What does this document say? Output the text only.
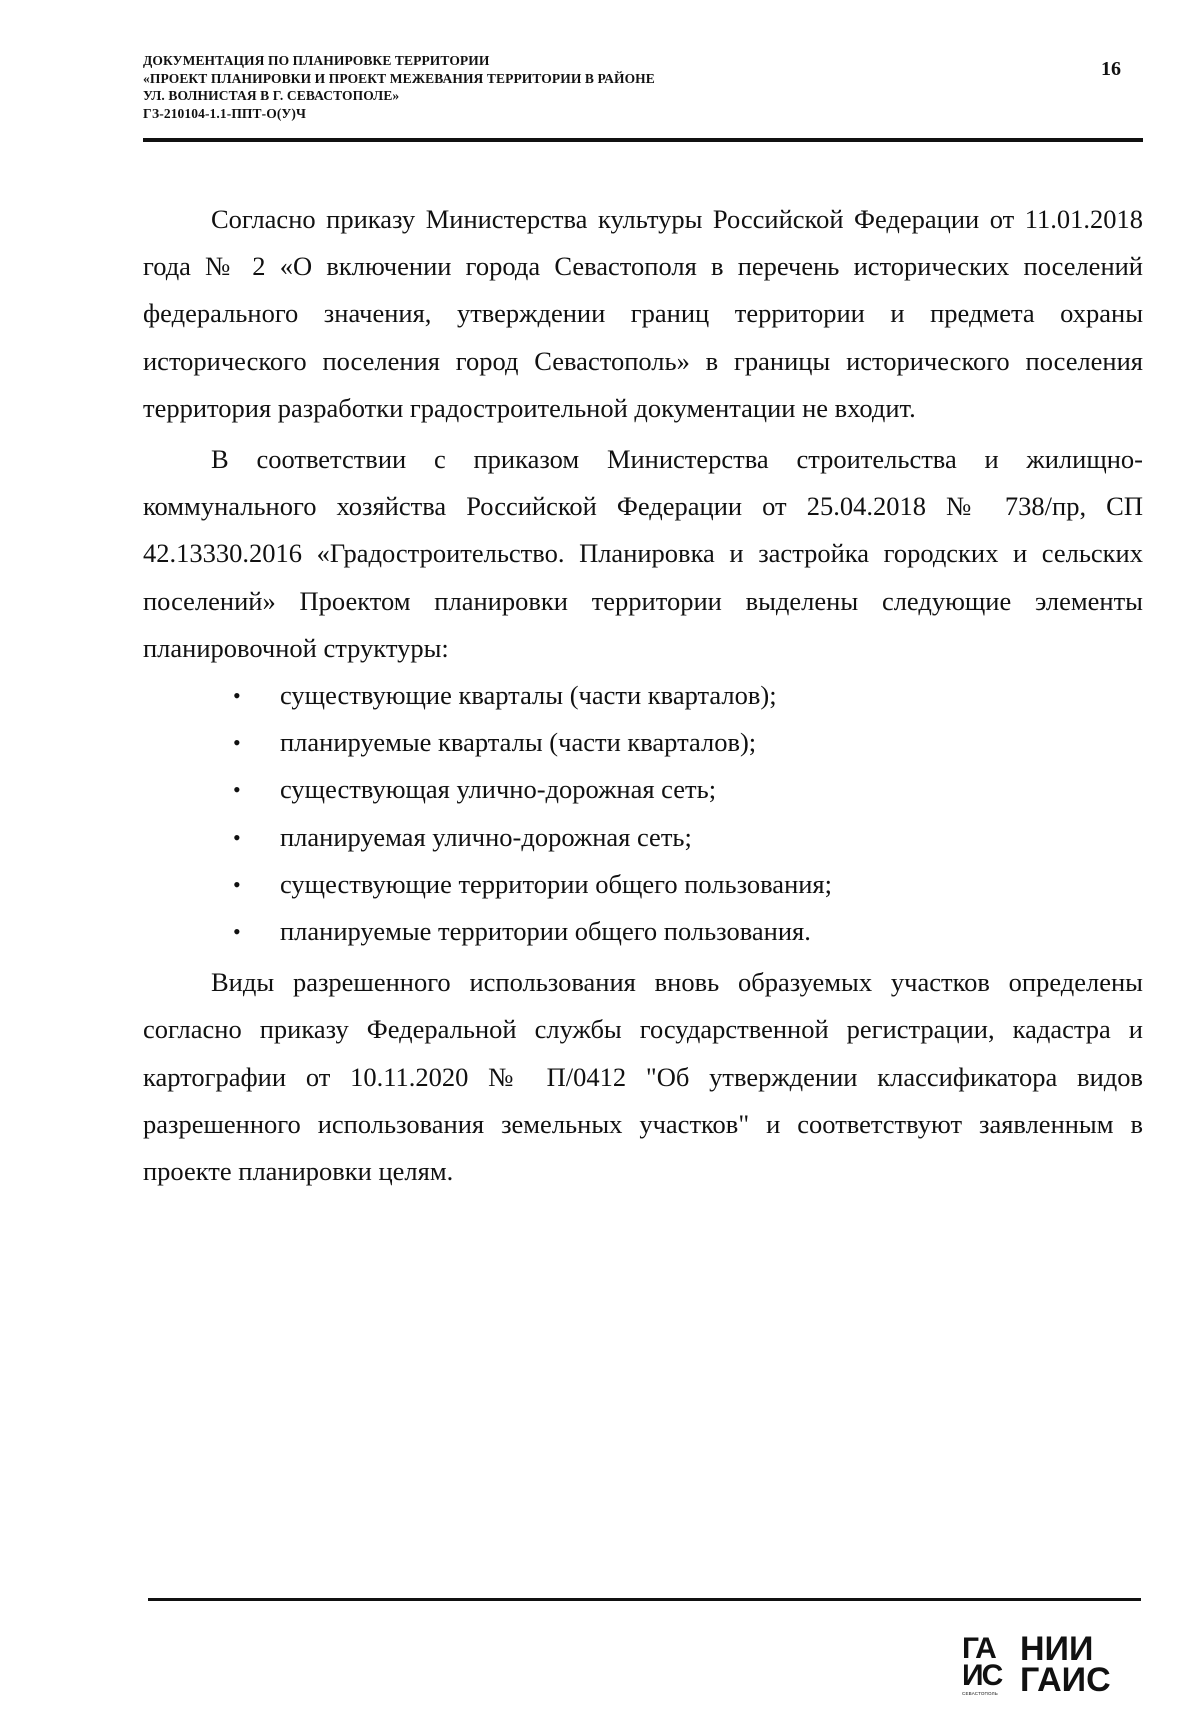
ДОКУМЕНТАЦИЯ ПО ПЛАНИРОВКЕ ТЕРРИТОРИИ
«ПРОЕКТ ПЛАНИРОВКИ И ПРОЕКТ МЕЖЕВАНИЯ ТЕРРИТОРИИ В РАЙОНЕ
УЛ. ВОЛНИСТАЯ В Г. СЕВАСТОПОЛЕ»
ГЗ-210104-1.1-ППТ-О(У)Ч
16

Согласно приказу Министерства культуры Российской Федерации от 11.01.2018 года № 2 «О включении города Севастополя в перечень исторических поселений федерального значения, утверждении границ территории и предмета охраны исторического поселения город Севастополь» в границы исторического поселения территория разработки градостроительной документации не входит.

В соответствии с приказом Министерства строительства и жилищно-коммунального хозяйства Российской Федерации от 25.04.2018 № 738/пр, СП 42.13330.2016 «Градостроительство. Планировка и застройка городских и сельских поселений» Проектом планировки территории выделены следующие элементы планировочной структуры:

• существующие кварталы (части кварталов);
• планируемые кварталы (части кварталов);
• существующая улично-дорожная сеть;
• планируемая улично-дорожная сеть;
• существующие территории общего пользования;
• планируемые территории общего пользования.

Виды разрешенного использования вновь образуемых участков определены согласно приказу Федеральной службы государственной регистрации, кадастра и картографии от 10.11.2020 № П/0412 "Об утверждении классификатора видов разрешенного использования земельных участков" и соответствуют заявленным в проекте планировки целям.

ГА
ИС
СЕВАСТОПОЛЬ
НИИ
ГАИС
